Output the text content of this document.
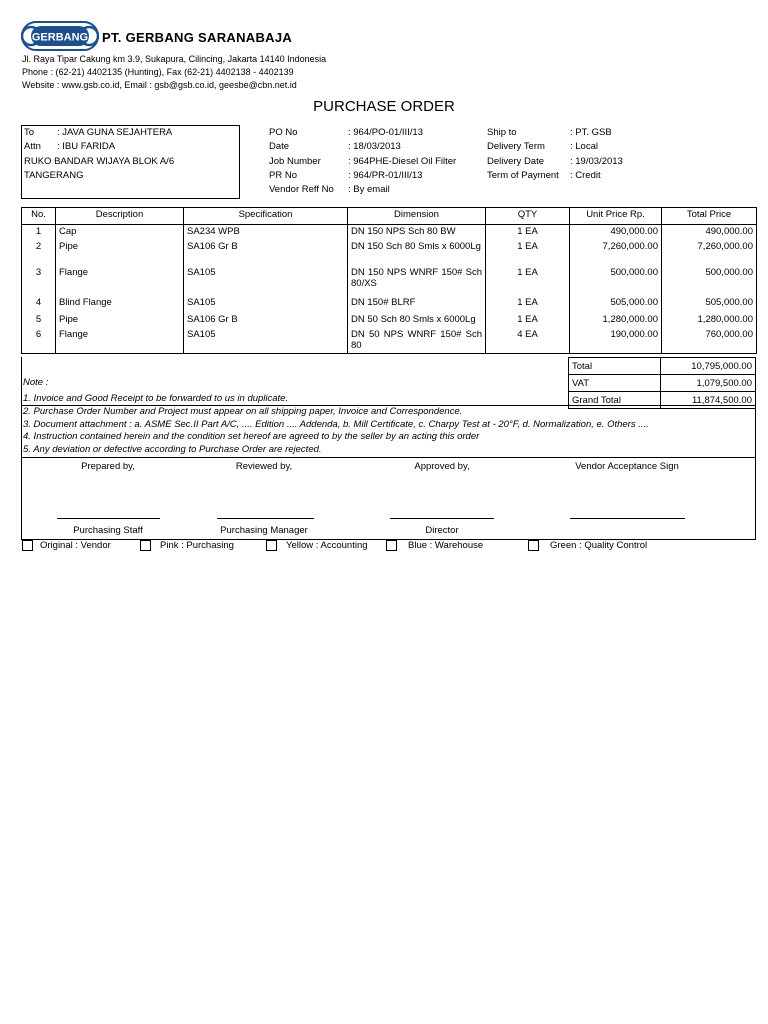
GERBANG PT. GERBANG SARANABAJA
Jl. Raya Tipar Cakung km 3.9, Sukapura, Cilincing, Jakarta 14140 Indonesia
Phone : (62-21) 4402135 (Hunting), Fax (62-21) 4402138 - 4402139
Website : www.gsb.co.id, Email : gsb@gsb.co.id, geesbe@cbn.net.id
PURCHASE ORDER
To : JAVA GUNA SEJAHTERA
Attn : IBU FARIDA
RUKO BANDAR WIJAYA BLOK A/6
TANGERANG
PO No	: 964/PO-01/III/13
Date	: 18/03/2013
Job Number	: 964PHE-Diesel Oil Filter
PR No	: 964/PR-01/III/13
Vendor Reff No : By email
Ship to	: PT. GSB
Delivery Term	: Local
Delivery Date	: 19/03/2013
Term of Payment : Credit
No.	Description	Specification	Dimension	QTY	Unit Price Rp.	Total Price
1	Cap	SA234 WPB	DN 150 NPS Sch 80 BW	1 EA	490,000.00	490,000.00
2	Pipe	SA106 Gr B	DN 150 Sch 80 Smls x 6000Lg	1 EA	7,260,000.00	7,260,000.00
3	Flange	SA105	DN 150 NPS WNRF 150# Sch 80/XS	1 EA	500,000.00	500,000.00
4	Blind Flange	SA105	DN 150# BLRF	1 EA	505,000.00	505,000.00
5	Pipe	SA106 Gr B	DN 50 Sch 80 Smls x 6000Lg	1 EA	1,280,000.00	1,280,000.00
6	Flange	SA105	DN 50 NPS WNRF 150# Sch 80	4 EA	190,000.00	760,000.00
Total	10,795,000.00
VAT	1,079,500.00
Grand Total	11,874,500.00
Note :
1. Invoice and Good Receipt to be forwarded to us in duplicate.
2. Purchase Order Number and Project must appear on all shipping paper, Invoice and Correspondence.
3. Document attachment : a. ASME Sec.II Part A/C, .... Edition .... Addenda, b. Mill Certificate, c. Charpy Test at - 20°F, d. Normalization, e. Others ....
4. Instruction contained herein and the condition set hereof are agreed to by the seller by an acting this order
5. Any deviation or defective according to Purchase Order are rejected.
Prepared by,	Reviewed by,	Approved by,	Vendor Acceptance Sign
Purchasing Staff	Purchasing Manager	Director
Original : Vendor	Pink : Purchasing	Yellow : Accounting	Blue : Warehouse	Green : Quality Control
